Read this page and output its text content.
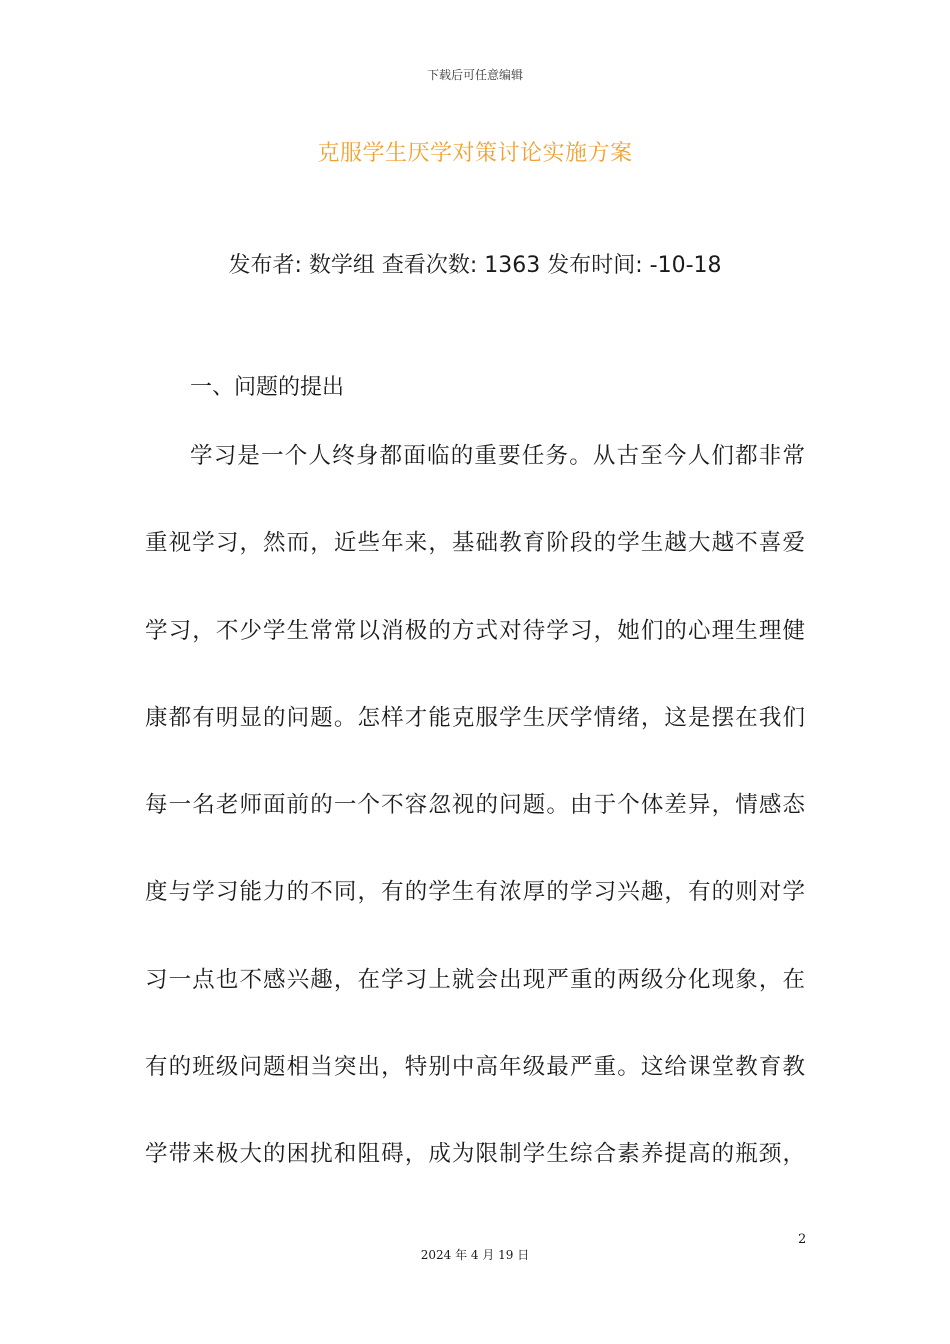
下载后可任意编辑
克服学生厌学对策讨论实施方案
发布者: 数学组 查看次数: 1363 发布时间: -10-18
一、问题的提出
学习是一个人终身都面临的重要任务。从古至今人们都非常
重视学习，然而，近些年来，基础教育阶段的学生越大越不喜爱
学习，不少学生常常以消极的方式对待学习，她们的心理生理健
康都有明显的问题。怎样才能克服学生厌学情绪，这是摆在我们
每一名老师面前的一个不容忽视的问题。由于个体差异，情感态
度与学习能力的不同，有的学生有浓厚的学习兴趣，有的则对学
习一点也不感兴趣，在学习上就会出现严重的两级分化现象，在
有的班级问题相当突出，特别中高年级最严重。这给课堂教育教
学带来极大的困扰和阻碍，成为限制学生综合素养提高的瓶颈，
2
2024 年 4 月 19 日
